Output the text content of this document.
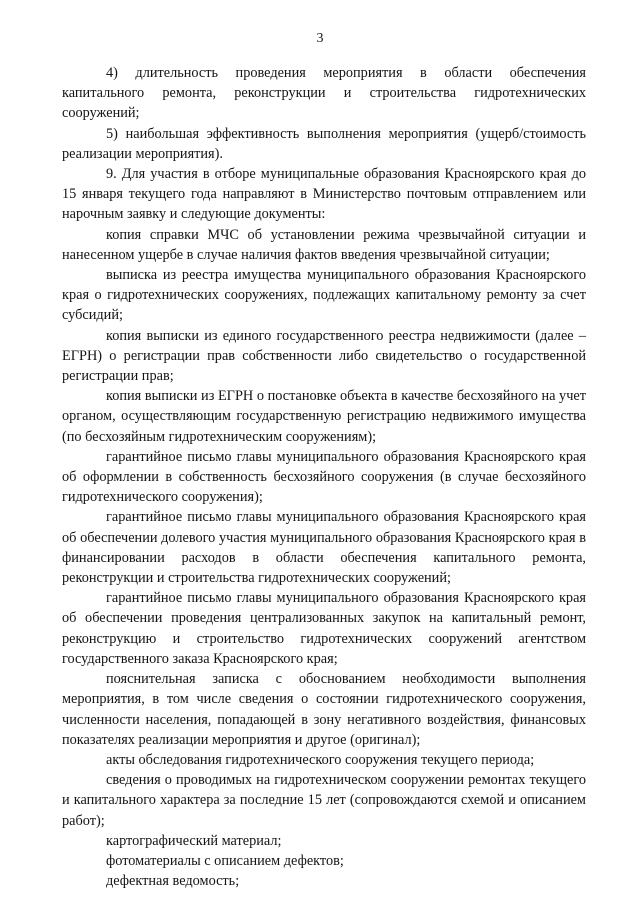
3

4) длительность проведения мероприятия в области обеспечения капитального ремонта, реконструкции и строительства гидротехнических сооружений;

5) наибольшая эффективность выполнения мероприятия (ущерб/стоимость реализации мероприятия).

9. Для участия в отборе муниципальные образования Красноярского края до 15 января текущего года направляют в Министерство почтовым отправлением или нарочным заявку и следующие документы:

копия справки МЧС об установлении режима чрезвычайной ситуации и нанесенном ущербе в случае наличия фактов введения чрезвычайной ситуации;

выписка из реестра имущества муниципального образования Красноярского края о гидротехнических сооружениях, подлежащих капитальному ремонту за счет субсидий;

копия выписки из единого государственного реестра недвижимости (далее – ЕГРН) о регистрации прав собственности либо свидетельство о государственной регистрации прав;

копия выписки из ЕГРН о постановке объекта в качестве бесхозяйного на учет органом, осуществляющим государственную регистрацию недвижимого имущества (по бесхозяйным гидротехническим сооружениям);

гарантийное письмо главы муниципального образования Красноярского края об оформлении в собственность бесхозяйного сооружения (в случае бесхозяйного гидротехнического сооружения);

гарантийное письмо главы муниципального образования Красноярского края об обеспечении долевого участия муниципального образования Красноярского края в финансировании расходов в области обеспечения капитального ремонта, реконструкции и строительства гидротехнических сооружений;

гарантийное письмо главы муниципального образования Красноярского края об обеспечении проведения централизованных закупок на капитальный ремонт, реконструкцию и строительство гидротехнических сооружений агентством государственного заказа Красноярского края;

пояснительная записка с обоснованием необходимости выполнения мероприятия, в том числе сведения о состоянии гидротехнического сооружения, численности населения, попадающей в зону негативного воздействия, финансовых показателях реализации мероприятия и другое (оригинал);

акты обследования гидротехнического сооружения текущего периода;

сведения о проводимых на гидротехническом сооружении ремонтах текущего и капитального характера за последние 15 лет (сопровождаются схемой и описанием работ);

картографический материал;

фотоматериалы с описанием дефектов;

дефектная ведомость;
